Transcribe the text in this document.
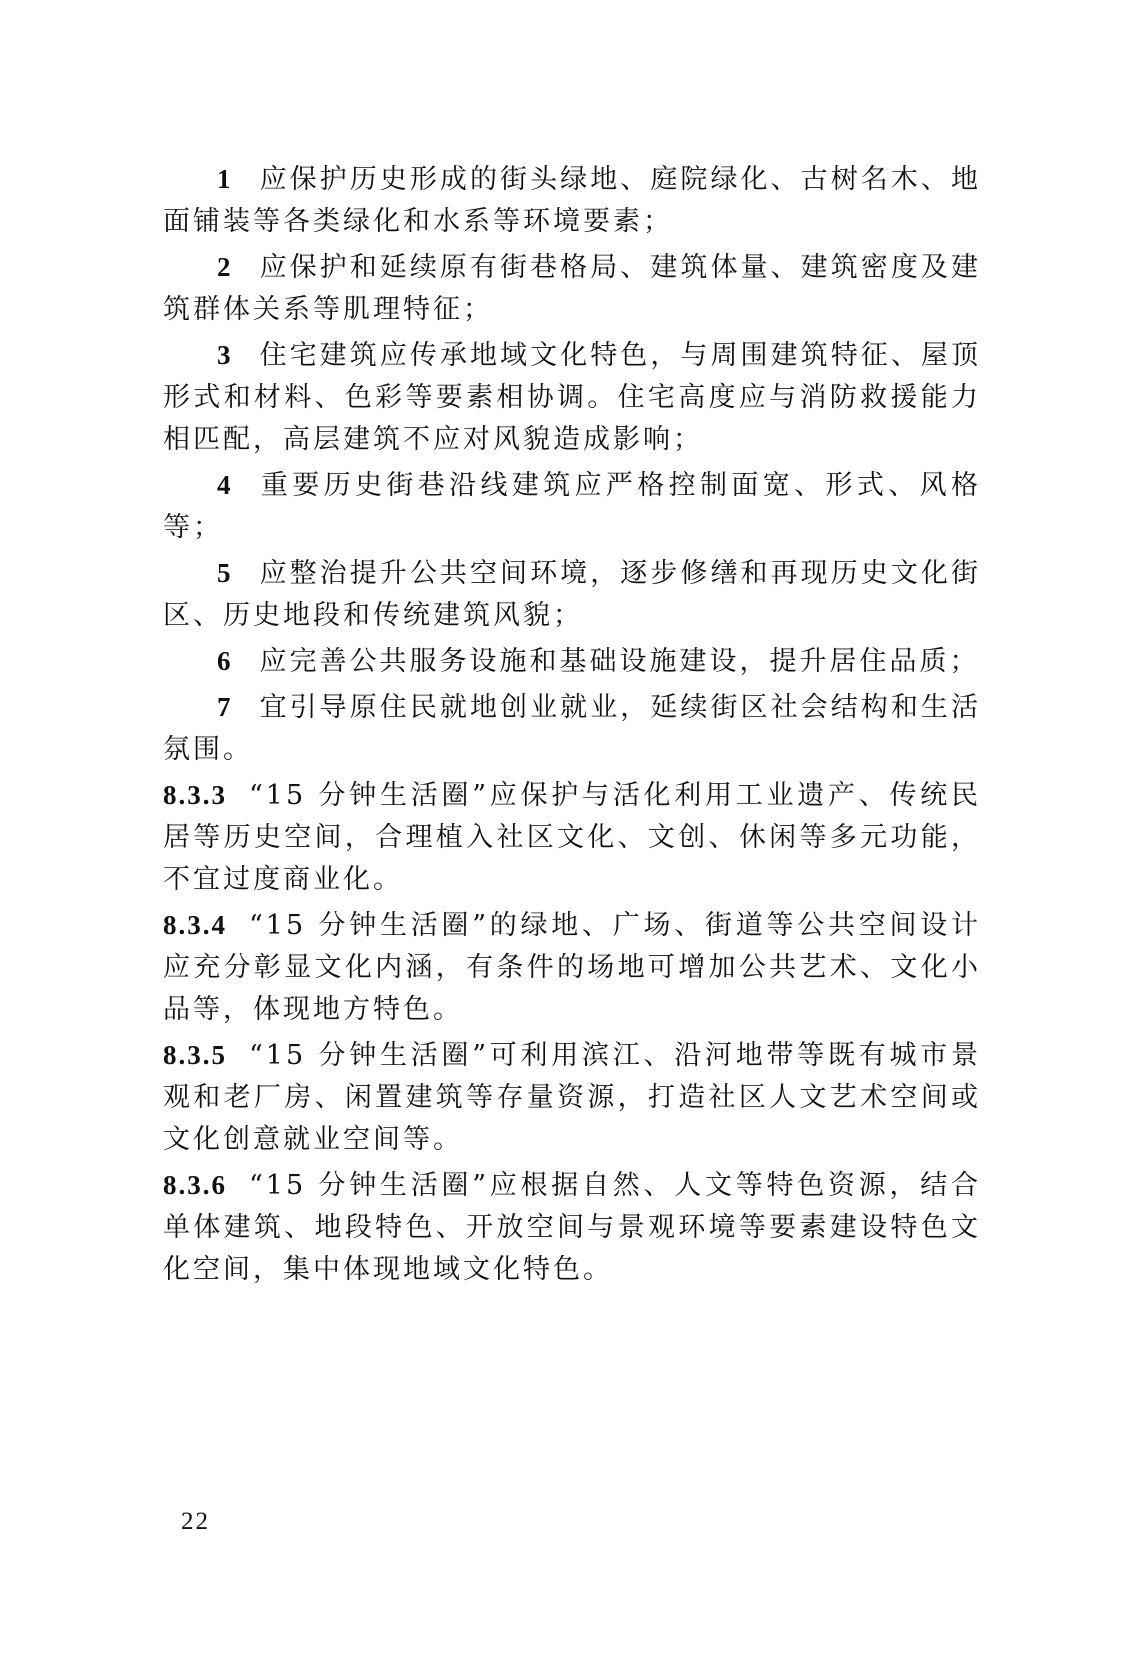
1 应保护历史形成的街头绿地、庭院绿化、古树名木、地面铺装等各类绿化和水系等环境要素；

2 应保护和延续原有街巷格局、建筑体量、建筑密度及建筑群体关系等肌理特征；

3 住宅建筑应传承地域文化特色，与周围建筑特征、屋顶形式和材料、色彩等要素相协调。住宅高度应与消防救援能力相匹配，高层建筑不应对风貌造成影响；

4 重要历史街巷沿线建筑应严格控制面宽、形式、风格等；

5 应整治提升公共空间环境，逐步修缮和再现历史文化街区、历史地段和传统建筑风貌；

6 应完善公共服务设施和基础设施建设，提升居住品质；

7 宜引导原住民就地创业就业，延续街区社会结构和生活氛围。

8.3.3 “15 分钟生活圈”应保护与活化利用工业遗产、传统民居等历史空间，合理植入社区文化、文创、休闲等多元功能，不宜过度商业化。

8.3.4 “15 分钟生活圈”的绿地、广场、街道等公共空间设计应充分彰显文化内涵，有条件的场地可增加公共艺术、文化小品等，体现地方特色。

8.3.5 “15 分钟生活圈”可利用滨江、沿河地带等既有城市景观和老厂房、闲置建筑等存量资源，打造社区人文艺术空间或文化创意就业空间等。

8.3.6 “15 分钟生活圈”应根据自然、人文等特色资源，结合单体建筑、地段特色、开放空间与景观环境等要素建设特色文化空间，集中体现地域文化特色。

22
